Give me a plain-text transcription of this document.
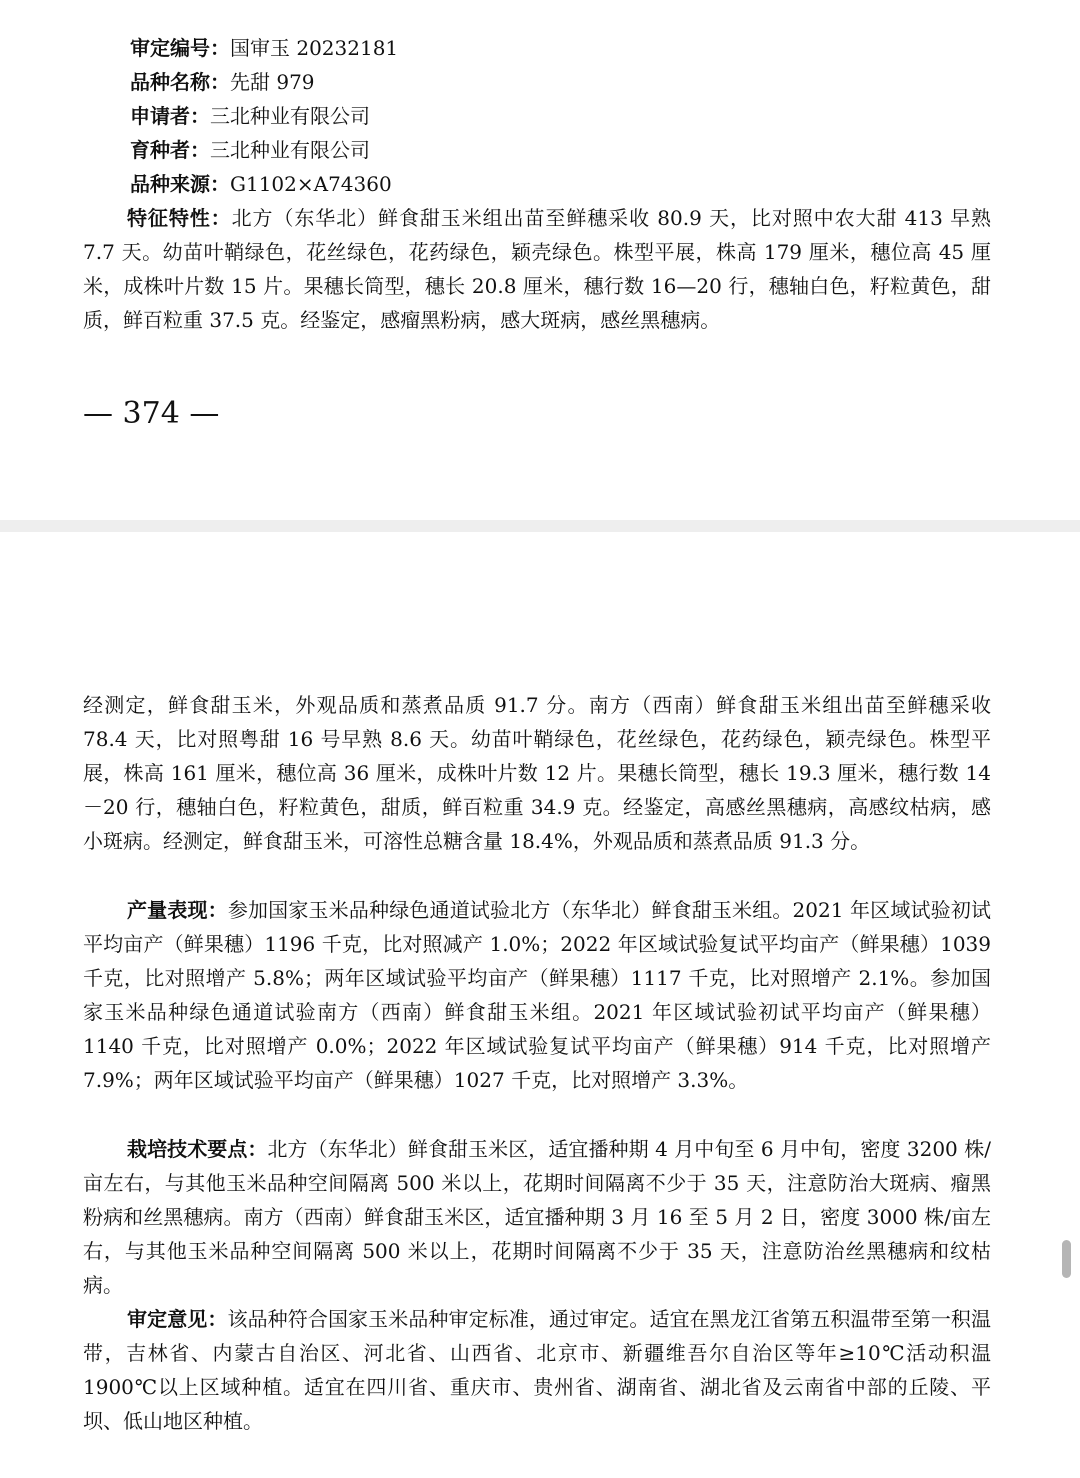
审定编号：国审玉 20232181
品种名称：先甜 979
申请者：三北种业有限公司
育种者：三北种业有限公司
品种来源：G1102×A74360
特征特性：北方（东华北）鲜食甜玉米组出苗至鲜穗采收 80.9 天，比对照中农大甜 413 早熟 7.7 天。幼苗叶鞘绿色，花丝绿色，花药绿色，颖壳绿色。株型平展，株高 179 厘米，穗位高 45 厘米，成株叶片数 15 片。果穗长筒型，穗长 20.8 厘米，穗行数 16—20 行，穗轴白色，籽粒黄色，甜质，鲜百粒重 37.5 克。经鉴定，感瘤黑粉病，感大斑病，感丝黑穗病。
— 374 —
经测定，鲜食甜玉米，外观品质和蒸煮品质 91.7 分。南方（西南）鲜食甜玉米组出苗至鲜穗采收 78.4 天，比对照粤甜 16 号早熟 8.6 天。幼苗叶鞘绿色，花丝绿色，花药绿色，颖壳绿色。株型平展，株高 161 厘米，穗位高 36 厘米，成株叶片数 12 片。果穗长筒型，穗长 19.3 厘米，穗行数 14－20 行，穗轴白色，籽粒黄色，甜质，鲜百粒重 34.9 克。经鉴定，高感丝黑穗病，高感纹枯病，感小斑病。经测定，鲜食甜玉米，可溶性总糖含量 18.4%，外观品质和蒸煮品质 91.3 分。
产量表现：参加国家玉米品种绿色通道试验北方（东华北）鲜食甜玉米组。2021 年区域试验初试平均亩产（鲜果穗）1196 千克，比对照减产 1.0%；2022 年区域试验复试平均亩产（鲜果穗）1039 千克，比对照增产 5.8%；两年区域试验平均亩产（鲜果穗）1117 千克，比对照增产 2.1%。参加国家玉米品种绿色通道试验南方（西南）鲜食甜玉米组。2021 年区域试验初试平均亩产（鲜果穗）1140 千克，比对照增产 0.0%；2022 年区域试验复试平均亩产（鲜果穗）914 千克，比对照增产 7.9%；两年区域试验平均亩产（鲜果穗）1027 千克，比对照增产 3.3%。
栽培技术要点：北方（东华北）鲜食甜玉米区，适宜播种期 4 月中旬至 6 月中旬，密度 3200 株/亩左右，与其他玉米品种空间隔离 500 米以上，花期时间隔离不少于 35 天，注意防治大斑病、瘤黑粉病和丝黑穗病。南方（西南）鲜食甜玉米区，适宜播种期 3 月 16 至 5 月 2 日，密度 3000 株/亩左右，与其他玉米品种空间隔离 500 米以上，花期时间隔离不少于 35 天，注意防治丝黑穗病和纹枯病。
审定意见：该品种符合国家玉米品种审定标准，通过审定。适宜在黑龙江省第五积温带至第一积温带，吉林省、内蒙古自治区、河北省、山西省、北京市、新疆维吾尔自治区等年≥10℃活动积温 1900℃以上区域种植。适宜在四川省、重庆市、贵州省、湖南省、湖北省及云南省中部的丘陵、平坝、低山地区种植。
